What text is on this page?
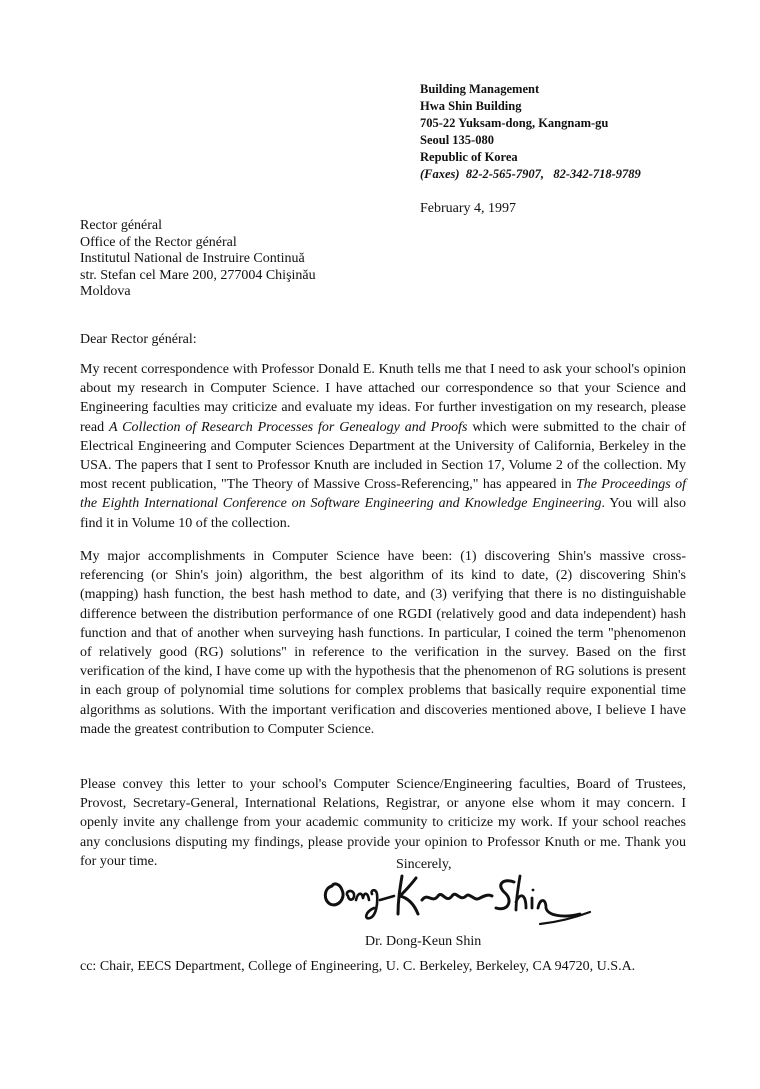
Building Management
Hwa Shin Building
705-22 Yuksam-dong, Kangnam-gu
Seoul 135-080
Republic of Korea
(Faxes)  82-2-565-7907,   82-342-718-9789
February 4, 1997
Rector général
Office of the Rector général
Institutul National de Instruire Continuă
str. Stefan cel Mare 200, 277004 Chişinău
Moldova
Dear Rector général:
My recent correspondence with Professor Donald E. Knuth tells me that I need to ask your school's opinion about my research in Computer Science. I have attached our correspondence so that your Science and Engineering faculties may criticize and evaluate my ideas. For further investigation on my research, please read A Collection of Research Processes for Genealogy and Proofs which were submitted to the chair of Electrical Engineering and Computer Sciences Department at the University of California, Berkeley in the USA. The papers that I sent to Professor Knuth are included in Section 17, Volume 2 of the collection. My most recent publication, "The Theory of Massive Cross-Referencing," has appeared in The Proceedings of the Eighth International Conference on Software Engineering and Knowledge Engineering. You will also find it in Volume 10 of the collection.
My major accomplishments in Computer Science have been: (1) discovering Shin's massive cross-referencing (or Shin's join) algorithm, the best algorithm of its kind to date, (2) discovering Shin's (mapping) hash function, the best hash method to date, and (3) verifying that there is no distinguishable difference between the distribution performance of one RGDI (relatively good and data independent) hash function and that of another when surveying hash functions. In particular, I coined the term "phenomenon of relatively good (RG) solutions" in reference to the verification in the survey. Based on the first verification of the kind, I have come up with the hypothesis that the phenomenon of RG solutions is present in each group of polynomial time solutions for complex problems that basically require exponential time algorithms as solutions. With the important verification and discoveries mentioned above, I believe I have made the greatest contribution to Computer Science.
Please convey this letter to your school's Computer Science/Engineering faculties, Board of Trustees, Provost, Secretary-General, International Relations, Registrar, or anyone else whom it may concern. I openly invite any challenge from your academic community to criticize my work. If your school reaches any conclusions disputing my findings, please provide your opinion to Professor Knuth or me. Thank you for your time.	Sincerely,
Dr. Dong-Keun Shin
cc: Chair, EECS Department, College of Engineering, U. C. Berkeley, Berkeley, CA 94720, U.S.A.
